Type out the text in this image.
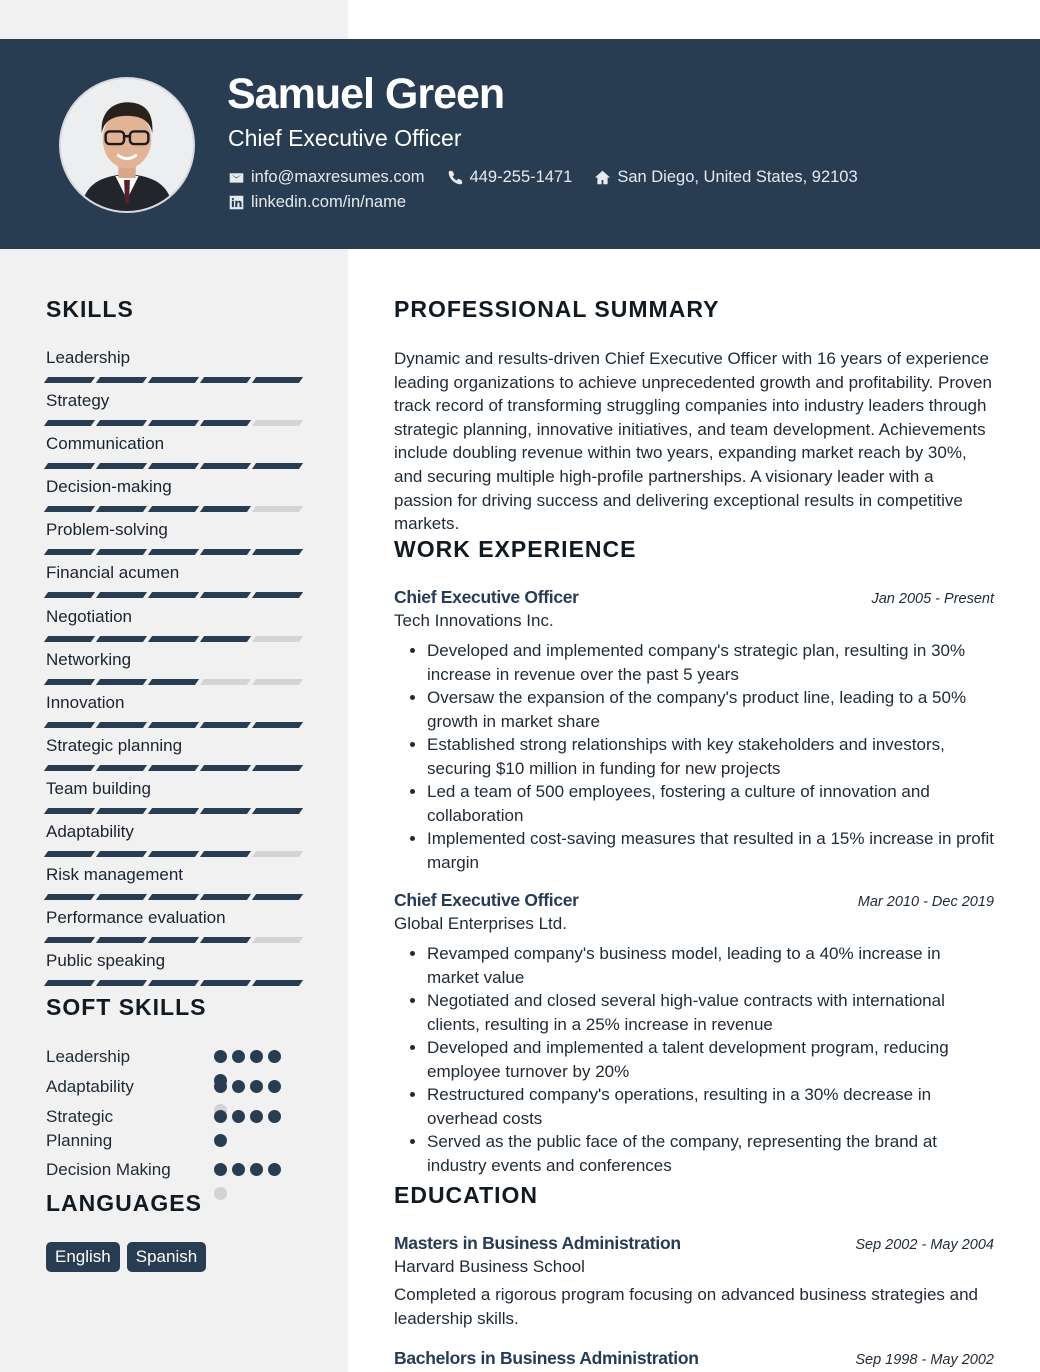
Samuel Green
Chief Executive Officer
info@maxresumes.com	449-255-1471	San Diego, United States, 92103
linkedin.com/in/name
SKILLS
Leadership
Strategy
Communication
Decision-making
Problem-solving
Financial acumen
Negotiation
Networking
Innovation
Strategic planning
Team building
Adaptability
Risk management
Performance evaluation
Public speaking
SOFT SKILLS
Leadership
Adaptability
Strategic Planning
Decision Making
LANGUAGES
English	Spanish
PROFESSIONAL SUMMARY

Dynamic and results-driven Chief Executive Officer with 16 years of experience leading organizations to achieve unprecedented growth and profitability. Proven track record of transforming struggling companies into industry leaders through strategic planning, innovative initiatives, and team development. Achievements include doubling revenue within two years, expanding market reach by 30%, and securing multiple high-profile partnerships. A visionary leader with a passion for driving success and delivering exceptional results in competitive markets.

WORK EXPERIENCE
Chief Executive Officer	Jan 2005 - Present
Tech Innovations Inc.
• Developed and implemented company's strategic plan, resulting in 30% increase in revenue over the past 5 years
• Oversaw the expansion of the company's product line, leading to a 50% growth in market share
• Established strong relationships with key stakeholders and investors, securing $10 million in funding for new projects
• Led a team of 500 employees, fostering a culture of innovation and collaboration
• Implemented cost-saving measures that resulted in a 15% increase in profit margin
Chief Executive Officer	Mar 2010 - Dec 2019
Global Enterprises Ltd.
• Revamped company's business model, leading to a 40% increase in market value
• Negotiated and closed several high-value contracts with international clients, resulting in a 25% increase in revenue
• Developed and implemented a talent development program, reducing employee turnover by 20%
• Restructured company's operations, resulting in a 30% decrease in overhead costs
• Served as the public face of the company, representing the brand at industry events and conferences
EDUCATION
Masters in Business Administration	Sep 2002 - May 2004
Harvard Business School

Completed a rigorous program focusing on advanced business strategies and leadership skills.

Bachelors in Business Administration	Sep 1998 - May 2002
